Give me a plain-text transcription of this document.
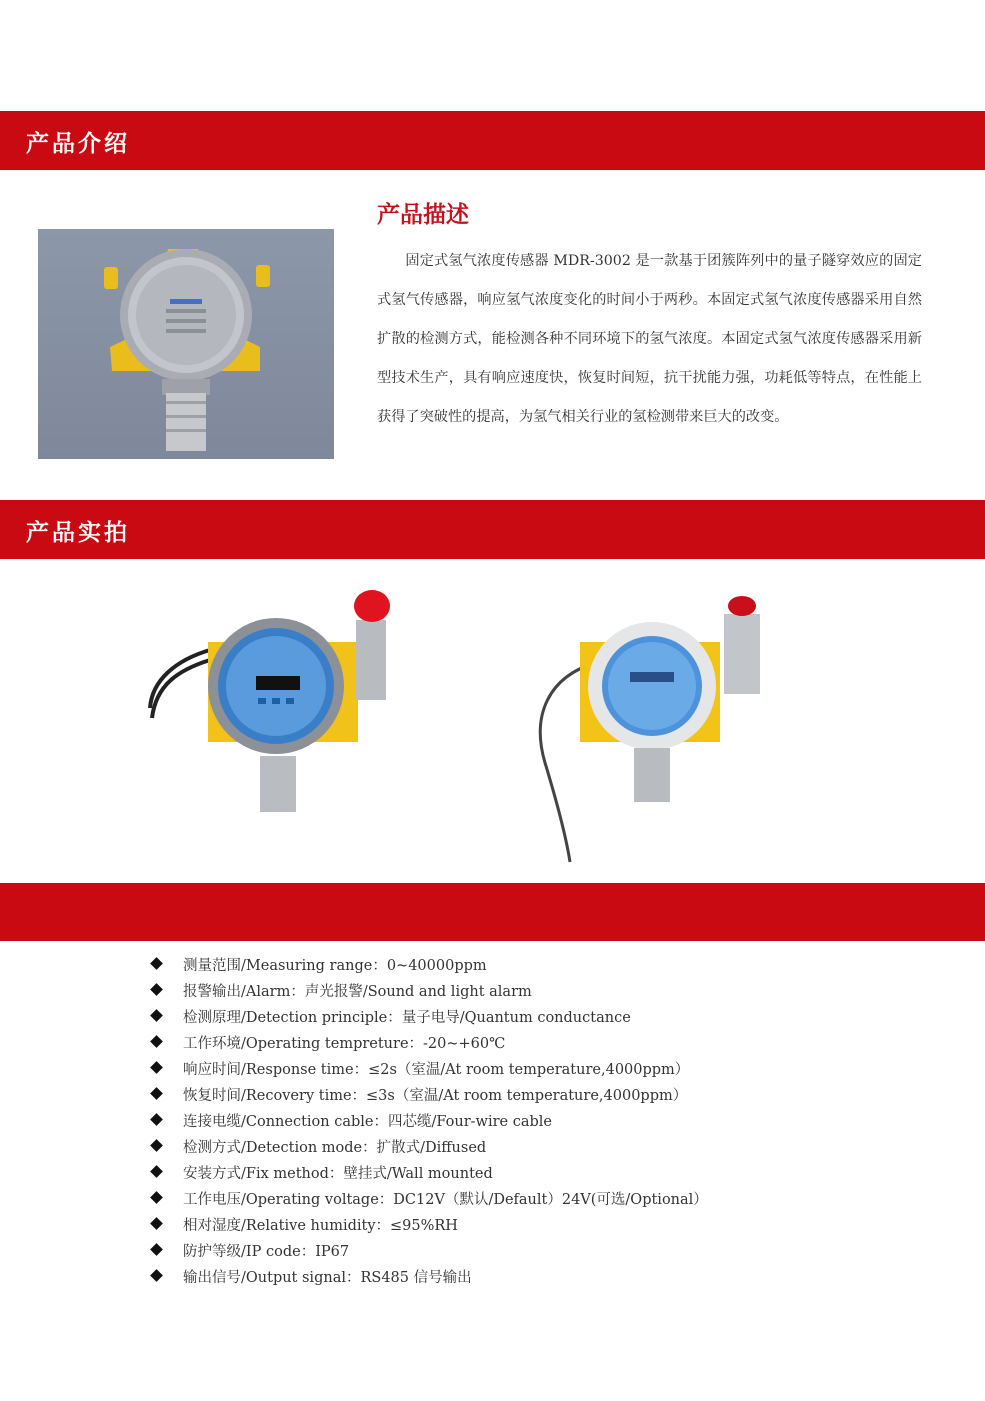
产品介绍
产品描述
固定式氢气浓度传感器 MDR-3002 是一款基于团簇阵列中的量子隧穿效应的固定式氢气传感器，响应氢气浓度变化的时间小于两秒。本固定式氢气浓度传感器采用自然扩散的检测方式，能检测各种不同环境下的氢气浓度。本固定式氢气浓度传感器采用新型技术生产，具有响应速度快，恢复时间短，抗干扰能力强，功耗低等特点，在性能上获得了突破性的提高，为氢气相关行业的氢检测带来巨大的改变。
产品实拍
测量范围/Measuring range：0~40000ppm
报警输出/Alarm：声光报警/Sound and light alarm
检测原理/Detection principle：量子电导/Quantum conductance
工作环境/Operating tempreture：-20~+60℃
响应时间/Response time：≤2s（室温/At room temperature,4000ppm）
恢复时间/Recovery time：≤3s（室温/At room temperature,4000ppm）
连接电缆/Connection cable：四芯缆/Four-wire cable
检测方式/Detection mode：扩散式/Diffused
安装方式/Fix method：壁挂式/Wall mounted
工作电压/Operating voltage：DC12V（默认/Default）24V(可选/Optional）
相对湿度/Relative humidity：≤95%RH
防护等级/IP code：IP67
输出信号/Output signal：RS485 信号输出
